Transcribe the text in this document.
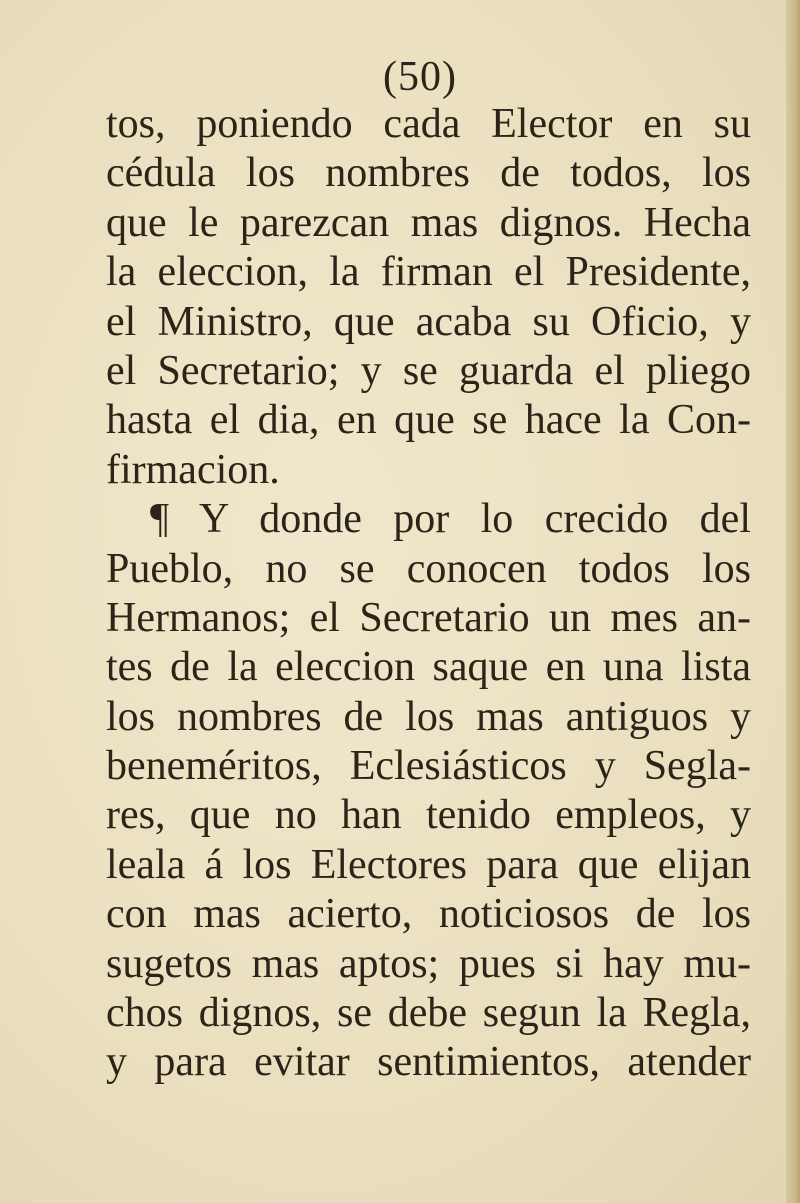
(50)
tos, poniendo cada Elector en su
cédula los nombres de todos, los
que le parezcan mas dignos. Hecha
la eleccion, la firman el Presidente,
el Ministro, que acaba su Oficio, y
el Secretario; y se guarda el pliego
hasta el dia, en que se hace la Con-
firmacion.
¶ Y donde por lo crecido del
Pueblo, no se conocen todos los
Hermanos; el Secretario un mes an-
tes de la eleccion saque en una lista
los nombres de los mas antiguos y
beneméritos, Eclesiásticos y Segla-
res, que no han tenido empleos, y
leala á los Electores para que elijan
con mas acierto, noticiosos de los
sugetos mas aptos; pues si hay mu-
chos dignos, se debe segun la Regla,
y para evitar sentimientos, atender
